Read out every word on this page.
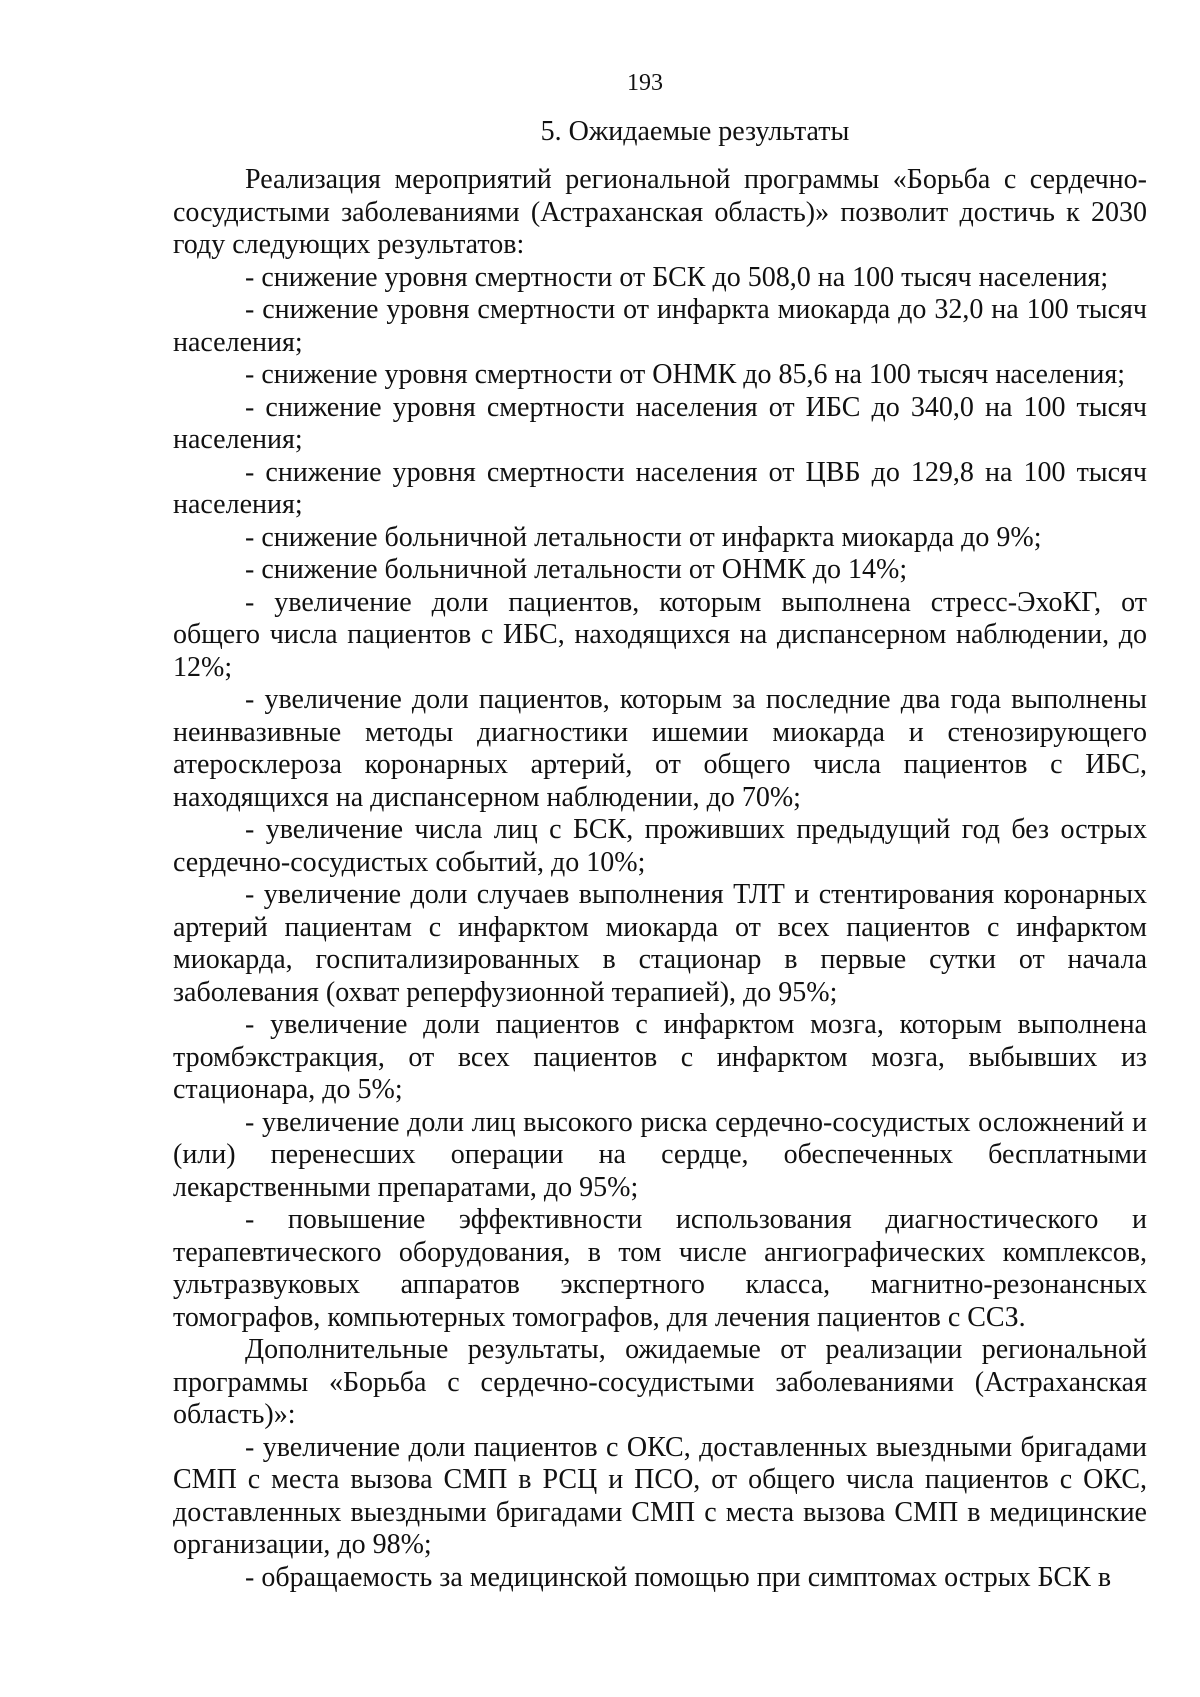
193
5. Ожидаемые результаты

Реализация мероприятий региональной программы «Борьба с сердечно-сосудистыми заболеваниями (Астраханская область)» позволит достичь к 2030 году следующих результатов:

- снижение уровня смертности от БСК до 508,0 на 100 тысяч населения;

- снижение уровня смертности от инфаркта миокарда до 32,0 на 100 тысяч населения;

- снижение уровня смертности от ОНМК до 85,6 на 100 тысяч населения;

- снижение уровня смертности населения от ИБС до 340,0 на 100 тысяч населения;

- снижение уровня смертности населения от ЦВБ до 129,8 на 100 тысяч населения;

- снижение больничной летальности от инфаркта миокарда до 9%;

- снижение больничной летальности от ОНМК до 14%;

- увеличение доли пациентов, которым выполнена стресс-ЭхоКГ, от общего числа пациентов с ИБС, находящихся на диспансерном наблюдении, до 12%;

- увеличение доли пациентов, которым за последние два года выполнены неинвазивные методы диагностики ишемии миокарда и стенозирующего атеросклероза коронарных артерий, от общего числа пациентов с ИБС, находящихся на диспансерном наблюдении, до 70%;

- увеличение числа лиц с БСК, проживших предыдущий год без острых сердечно-сосудистых событий, до 10%;

- увеличение доли случаев выполнения ТЛТ и стентирования коронарных артерий пациентам с инфарктом миокарда от всех пациентов с инфарктом миокарда, госпитализированных в стационар в первые сутки от начала заболевания (охват реперфузионной терапией), до 95%;

- увеличение доли пациентов с инфарктом мозга, которым выполнена тромбэкстракция, от всех пациентов с инфарктом мозга, выбывших из стационара, до 5%;

- увеличение доли лиц высокого риска сердечно-сосудистых осложнений и (или) перенесших операции на сердце, обеспеченных бесплатными лекарственными препаратами, до 95%;

- повышение эффективности использования диагностического и терапевтического оборудования, в том числе ангиографических комплексов, ультразвуковых аппаратов экспертного класса, магнитно-резонансных томографов, компьютерных томографов, для лечения пациентов с ССЗ.

Дополнительные результаты, ожидаемые от реализации региональной программы «Борьба с сердечно-сосудистыми заболеваниями (Астраханская область)»:

- увеличение доли пациентов с ОКС, доставленных выездными бригадами СМП с места вызова СМП в РСЦ и ПСО, от общего числа пациентов с ОКС, доставленных выездными бригадами СМП с места вызова СМП в медицинские организации, до 98%;

- обращаемость за медицинской помощью при симптомах острых БСК в
